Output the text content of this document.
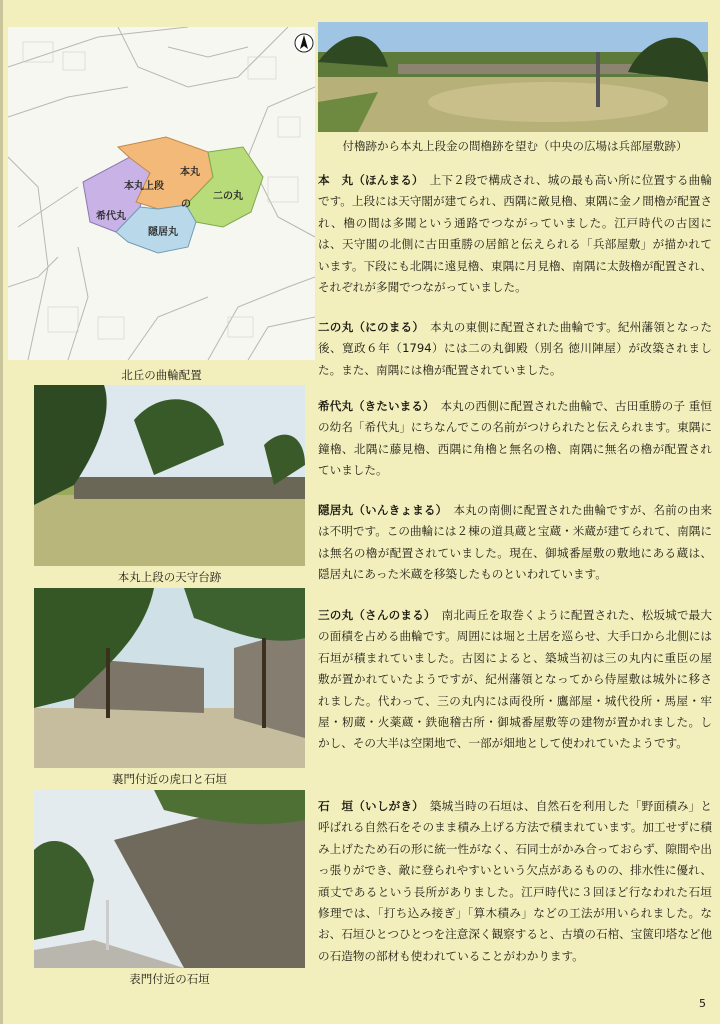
本丸上段
本丸
の
二の丸
希代丸
隠居丸
北丘の曲輪配置
付櫓跡から本丸上段金の間櫓跡を望む（中央の広場は兵部屋敷跡）
本丸上段の天守台跡
裏門付近の虎口と石垣
表門付近の石垣

本　丸（ほんまる）　 上下２段で構成され、城の最も高い所に位置する曲輪です。上段には天守閣が建てられ、西隅に敵見櫓、東隅に金ノ間櫓が配置され、櫓の間は多聞という通路でつながっていました。江戸時代の古図には、天守閣の北側に古田重勝の居館と伝えられる「兵部屋敷」が描かれています。下段にも北隅に遠見櫓、東隅に月見櫓、南隅に太鼓櫓が配置され、それぞれが多聞でつながっていました。

二の丸（にのまる）　 本丸の東側に配置された曲輪です。紀州藩領となった後、寛政６年（1794）には二の丸御殿（別名 徳川陣屋）が改築されました。また、南隅には櫓が配置されていました。

希代丸（きたいまる）　 本丸の西側に配置された曲輪で、古田重勝の子 重恒の幼名「希代丸」にちなんでこの名前がつけられたと伝えられます。東隅に鐘櫓、北隅に藤見櫓、西隅に角櫓と無名の櫓、南隅に無名の櫓が配置されていました。

隠居丸（いんきょまる）　 本丸の南側に配置された曲輪ですが、名前の由来は不明です。この曲輪には２棟の道具蔵と宝蔵・米蔵が建てられて、南隅には無名の櫓が配置されていました。現在、御城番屋敷の敷地にある蔵は、隠居丸にあった米蔵を移築したものといわれています。

三の丸（さんのまる）　 南北両丘を取巻くように配置された、松坂城で最大の面積を占める曲輪です。周囲には堀と土居を巡らせ、大手口から北側には石垣が積まれていました。古図によると、築城当初は三の丸内に重臣の屋敷が置かれていたようですが、紀州藩領となってから侍屋敷は城外に移されました。代わって、三の丸内には両役所・鷹部屋・城代役所・馬屋・牢屋・籾蔵・火薬蔵・鉄砲稽古所・御城番屋敷等の建物が置かれました。しかし、その大半は空閑地で、一部が畑地として使われていたようです。

石　垣（いしがき）　 築城当時の石垣は、自然石を利用した「野面積み」と呼ばれる自然石をそのまま積み上げる方法で積まれています。加工せずに積み上げたため石の形に統一性がなく、石同士がかみ合っておらず、隙間や出っ張りができ、敵に登られやすいという欠点があるものの、排水性に優れ、頑丈であるという長所がありました。江戸時代に３回ほど行なわれた石垣修理では、「打ち込み接ぎ」「算木積み」などの工法が用いられました。なお、石垣ひとつひとつを注意深く観察すると、古墳の石棺、宝篋印塔など他の石造物の部材も使われていることがわかります。

5
